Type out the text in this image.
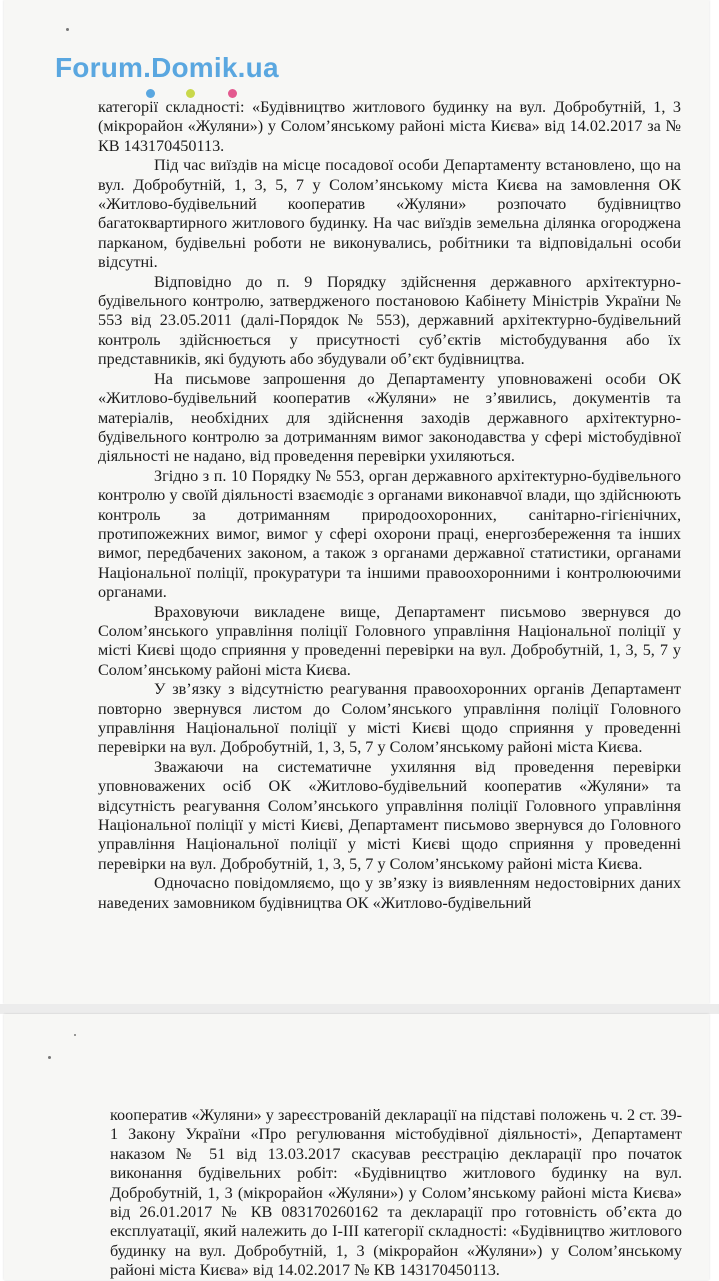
Forum.Domik.ua

категорії складності: «Будівництво житлового будинку на вул. Добробутній, 1, 3 (мікрорайон «Жуляни») у Солом’янському районі міста Києва» від 14.02.2017 за № КВ 143170450113.

Під час виїздів на місце посадової особи Департаменту встановлено, що на вул. Добробутній, 1, 3, 5, 7 у Солом’янському міста Києва на замовлення ОК «Житлово-будівельний кооператив «Жуляни» розпочато будівництво багатоквартирного житлового будинку. На час виїздів земельна ділянка огороджена парканом, будівельні роботи не виконувались, робітники та відповідальні особи відсутні.

Відповідно до п. 9 Порядку здійснення державного архітектурно-будівельного контролю, затвердженого постановою Кабінету Міністрів України № 553 від 23.05.2011 (далі-Порядок № 553), державний архітектурно-будівельний контроль здійснюється у присутності суб’єктів містобудування або їх представників, які будують або збудували об’єкт будівництва.

На письмове запрошення до Департаменту уповноважені особи ОК «Житлово-будівельний кооператив «Жуляни» не з’явились, документів та матеріалів, необхідних для здійснення заходів державного архітектурно-будівельного контролю за дотриманням вимог законодавства у сфері містобудівної діяльності не надано, від проведення перевірки ухиляються.

Згідно з п. 10 Порядку № 553, орган державного архітектурно-будівельного контролю у своїй діяльності взаємодіє з органами виконавчої влади, що здійснюють контроль за дотриманням природоохоронних, санітарно-гігієнічних, протипожежних вимог, вимог у сфері охорони праці, енергозбереження та інших вимог, передбачених законом, а також з органами державної статистики, органами Національної поліції, прокуратури та іншими правоохоронними і контролюючими органами.

Враховуючи викладене вище, Департамент письмово звернувся до Солом’янського управління поліції Головного управління Національної поліції у місті Києві щодо сприяння у проведенні перевірки на вул. Добробутній, 1, 3, 5, 7 у Солом’янському районі міста Києва.

У зв’язку з відсутністю реагування правоохоронних органів Департамент повторно звернувся листом до Солом’янського управління поліції Головного управління Національної поліції у місті Києві щодо сприяння у проведенні перевірки на вул. Добробутній, 1, 3, 5, 7 у Солом’янському районі міста Києва.

Зважаючи на систематичне ухиляння від проведення перевірки уповноважених осіб ОК «Житлово-будівельний кооператив «Жуляни» та відсутність реагування Солом’янського управління поліції Головного управління Національної поліції у місті Києві, Департамент письмово звернувся до Головного управління Національної поліції у місті Києві щодо сприяння у проведенні перевірки на вул. Добробутній, 1, 3, 5, 7 у Солом’янському районі міста Києва.

Одночасно повідомляємо, що у зв’язку із виявленням недостовірних даних наведених замовником будівництва ОК «Житлово-будівельний

кооператив «Жуляни» у зареєстрованій декларації на підставі положень ч. 2 ст. 39-1 Закону України «Про регулювання містобудівної діяльності», Департамент наказом № 51 від 13.03.2017 скасував реєстрацію декларації про початок виконання будівельних робіт: «Будівництво житлового будинку на вул. Добробутній, 1, 3 (мікрорайон «Жуляни») у Солом’янському районі міста Києва» від 26.01.2017 № КВ 083170260162 та декларації про готовність об’єкта до експлуатації, який належить до І-ІІІ категорії складності: «Будівництво житлового будинку на вул. Добробутній, 1, 3 (мікрорайон «Жуляни») у Солом’янському районі міста Києва» від 14.02.2017 № КВ 143170450113.
